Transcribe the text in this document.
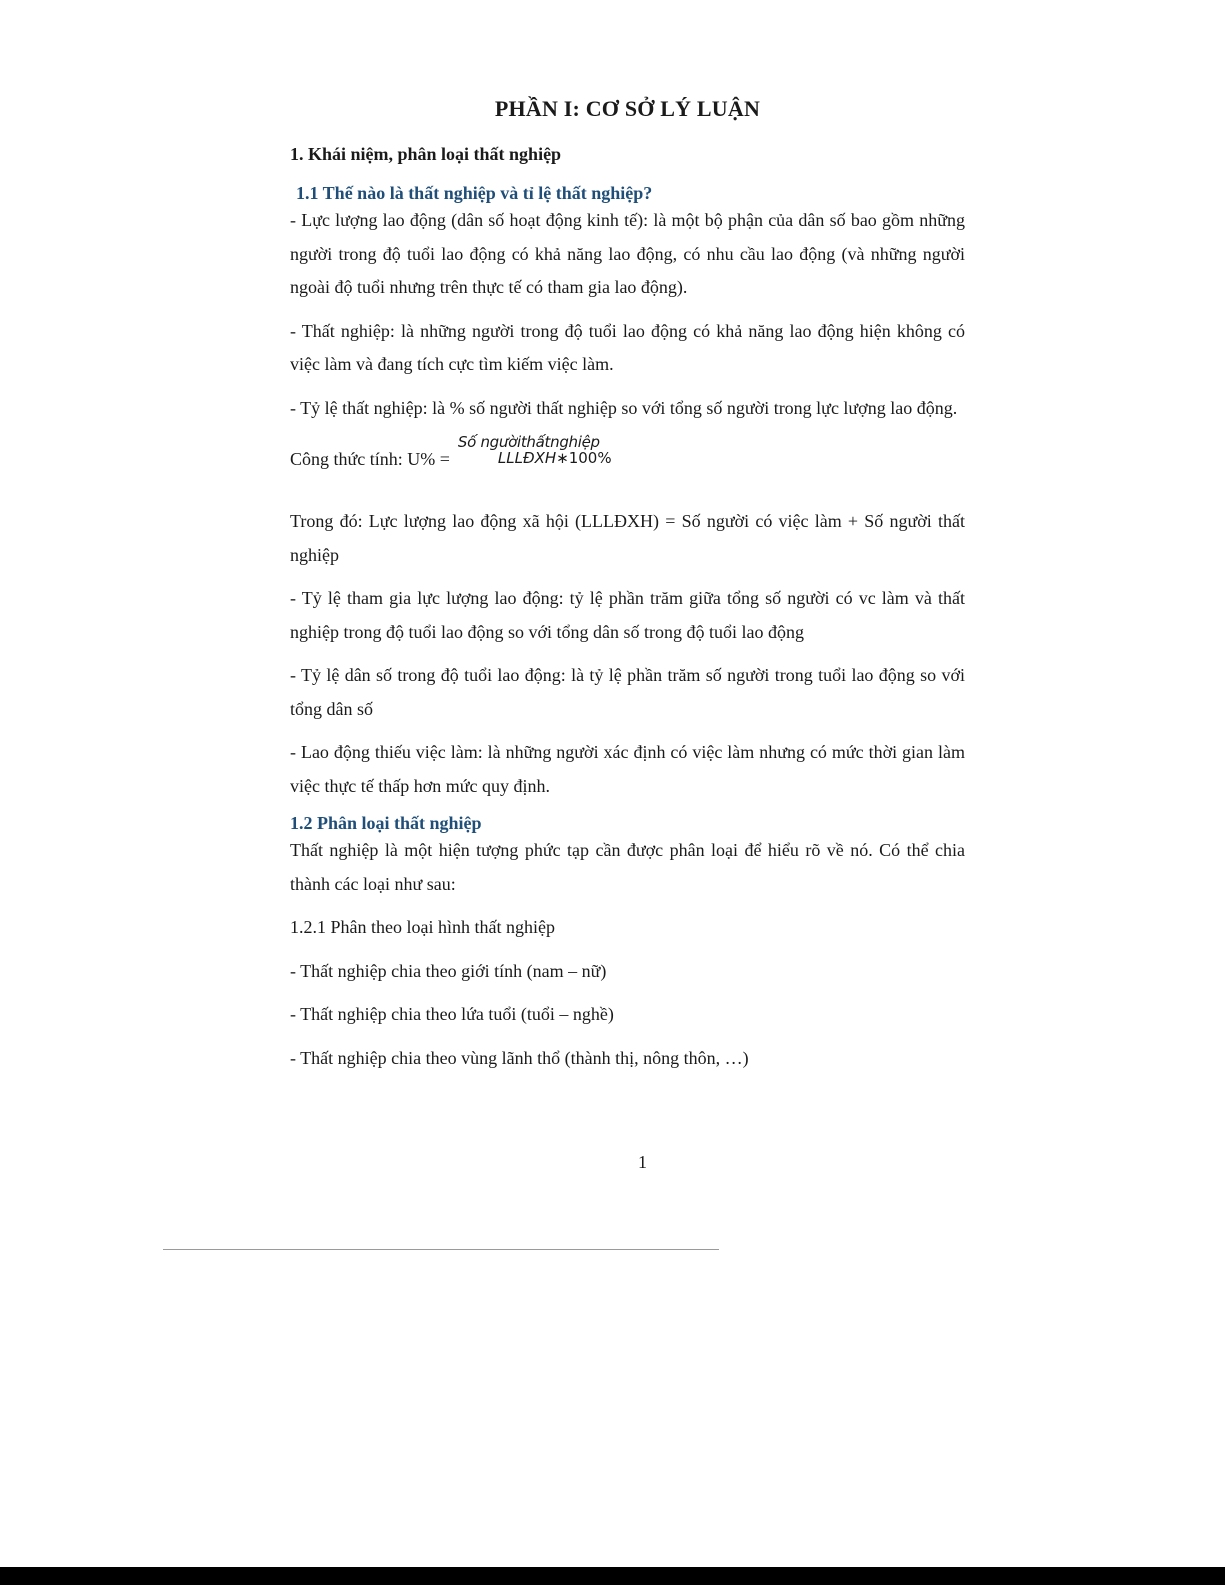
PHẦN I: CƠ SỞ LÝ LUẬN
1. Khái niệm, phân loại thất nghiệp
1.1 Thế nào là thất nghiệp và tỉ lệ thất nghiệp?

- Lực lượng lao động (dân số hoạt động kinh tế): là một bộ phận của dân số bao gồm những người trong độ tuổi lao động có khả năng lao động, có nhu cầu lao động (và những người ngoài độ tuổi nhưng trên thực tế có tham gia lao động).

- Thất nghiệp: là những người trong độ tuổi lao động có khả năng lao động hiện không có việc làm và đang tích cực tìm kiếm việc làm.

- Tỷ lệ thất nghiệp: là % số người thất nghiệp so với tổng số người trong lực lượng lao động.

Công thức tính: U% =
Số ngườithấtnghiệp
LLLĐXH∗100%

Trong đó: Lực lượng lao động xã hội (LLLĐXH) = Số người có việc làm + Số người thất nghiệp

- Tỷ lệ tham gia lực lượng lao động: tỷ lệ phần trăm giữa tổng số người có vc làm và thất nghiệp trong độ tuổi lao động so với tổng dân số trong độ tuổi lao động

- Tỷ lệ dân số trong độ tuổi lao động: là tỷ lệ phần trăm số người trong tuổi lao động so với tổng dân số

- Lao động thiếu việc làm: là những người xác định có việc làm nhưng có mức thời gian làm việc thực tế thấp hơn mức quy định.

1.2 Phân loại thất nghiệp

Thất nghiệp là một hiện tượng phức tạp cần được phân loại để hiểu rõ về nó. Có thể chia thành các loại như sau:

1.2.1 Phân theo loại hình thất nghiệp

- Thất nghiệp chia theo giới tính (nam – nữ)

- Thất nghiệp chia theo lứa tuổi (tuổi – nghề)

- Thất nghiệp chia theo vùng lãnh thổ (thành thị, nông thôn, …)

1
